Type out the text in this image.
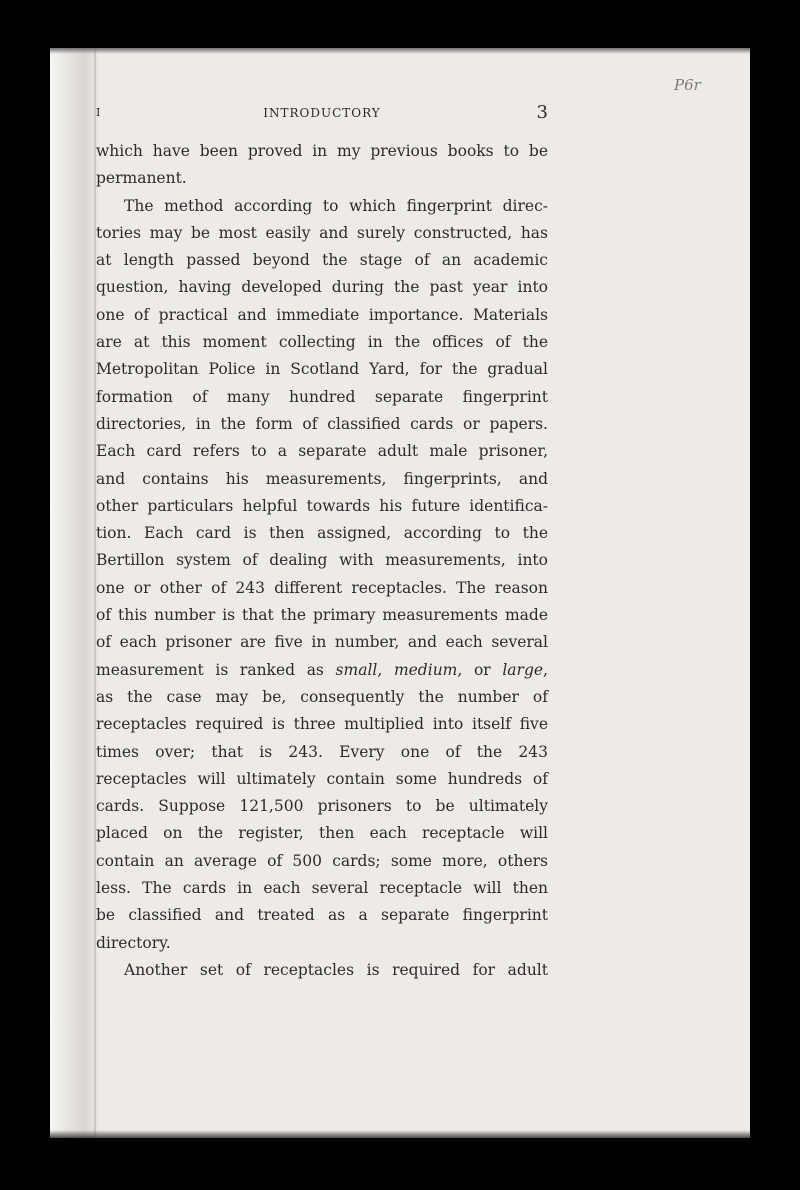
P6r
I	INTRODUCTORY	3
which have been proved in my previous books to be
permanent.
The method according to which fingerprint direc-
tories may be most easily and surely constructed, has
at length passed beyond the stage of an academic
question, having developed during the past year into
one of practical and immediate importance. Materials
are at this moment collecting in the offices of the
Metropolitan Police in Scotland Yard, for the gradual
formation of many hundred separate fingerprint
directories, in the form of classified cards or papers.
Each card refers to a separate adult male prisoner,
and contains his measurements, fingerprints, and
other particulars helpful towards his future identifica-
tion. Each card is then assigned, according to the
Bertillon system of dealing with measurements, into
one or other of 243 different receptacles. The reason
of this number is that the primary measurements made
of each prisoner are five in number, and each several
measurement is ranked as small, medium, or large,
as the case may be, consequently the number of
receptacles required is three multiplied into itself five
times over; that is 243. Every one of the 243
receptacles will ultimately contain some hundreds of
cards. Suppose 121,500 prisoners to be ultimately
placed on the register, then each receptacle will
contain an average of 500 cards; some more, others
less. The cards in each several receptacle will then
be classified and treated as a separate fingerprint
directory.
Another set of receptacles is required for adult
